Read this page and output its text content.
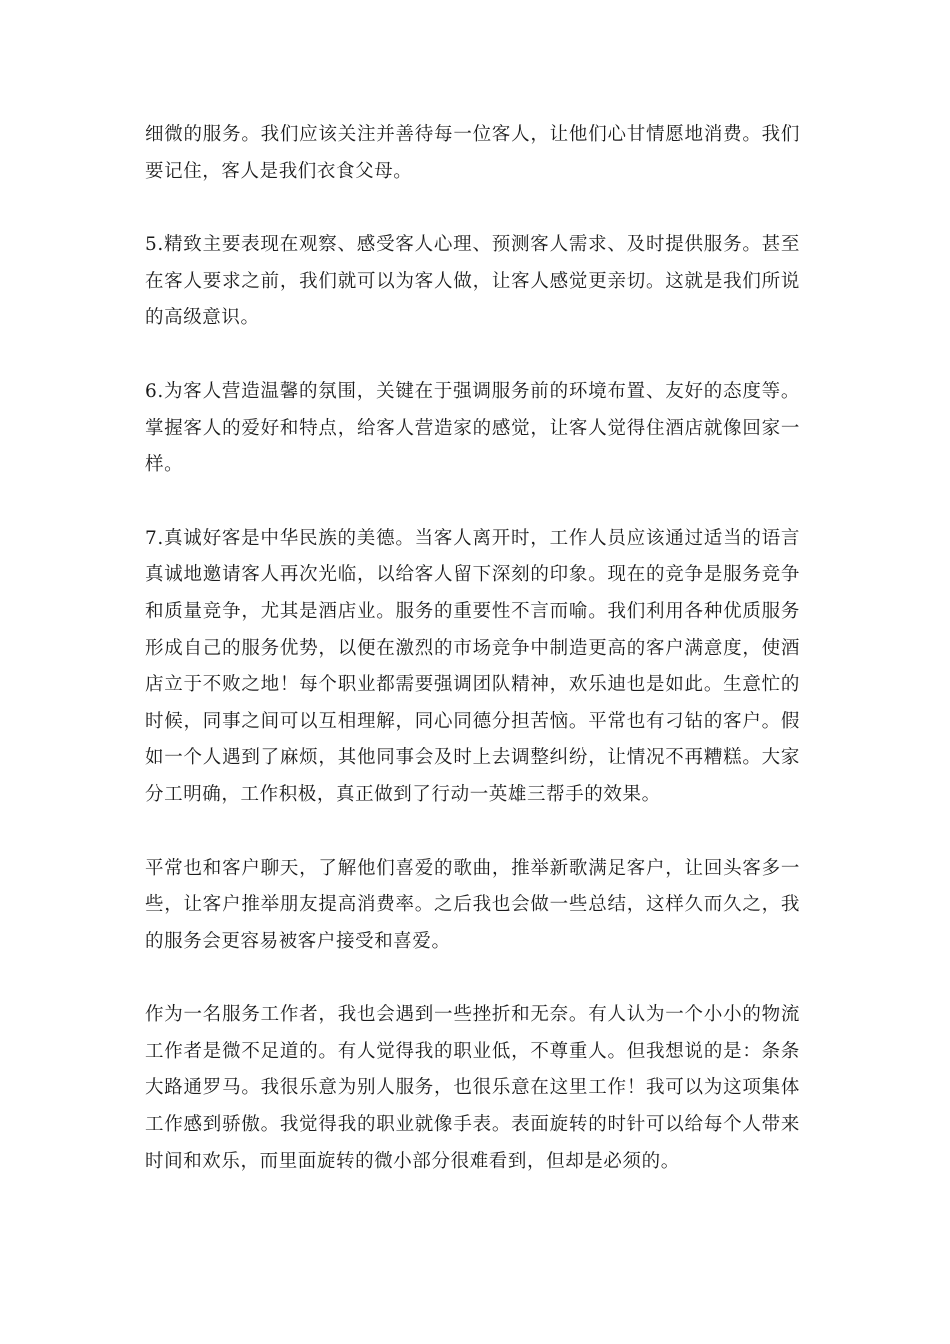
细微的服务。我们应该关注并善待每一位客人，让他们心甘情愿地消费。我们
要记住，客人是我们衣食父母。

5.精致主要表现在观察、感受客人心理、预测客人需求、及时提供服务。甚至
在客人要求之前，我们就可以为客人做，让客人感觉更亲切。这就是我们所说
的高级意识。

6.为客人营造温馨的氛围，关键在于强调服务前的环境布置、友好的态度等。
掌握客人的爱好和特点，给客人营造家的感觉，让客人觉得住酒店就像回家一
样。

7.真诚好客是中华民族的美德。当客人离开时，工作人员应该通过适当的语言
真诚地邀请客人再次光临，以给客人留下深刻的印象。现在的竞争是服务竞争
和质量竞争，尤其是酒店业。服务的重要性不言而喻。我们利用各种优质服务
形成自己的服务优势，以便在激烈的市场竞争中制造更高的客户满意度，使酒
店立于不败之地！每个职业都需要强调团队精神，欢乐迪也是如此。生意忙的
时候，同事之间可以互相理解，同心同德分担苦恼。平常也有刁钻的客户。假
如一个人遇到了麻烦，其他同事会及时上去调整纠纷，让情况不再糟糕。大家
分工明确，工作积极，真正做到了行动一英雄三帮手的效果。

平常也和客户聊天，了解他们喜爱的歌曲，推举新歌满足客户，让回头客多一
些，让客户推举朋友提高消费率。之后我也会做一些总结，这样久而久之，我
的服务会更容易被客户接受和喜爱。

作为一名服务工作者，我也会遇到一些挫折和无奈。有人认为一个小小的物流
工作者是微不足道的。有人觉得我的职业低，不尊重人。但我想说的是：条条
大路通罗马。我很乐意为别人服务，也很乐意在这里工作！我可以为这项集体
工作感到骄傲。我觉得我的职业就像手表。表面旋转的时针可以给每个人带来
时间和欢乐，而里面旋转的微小部分很难看到，但却是必须的。
